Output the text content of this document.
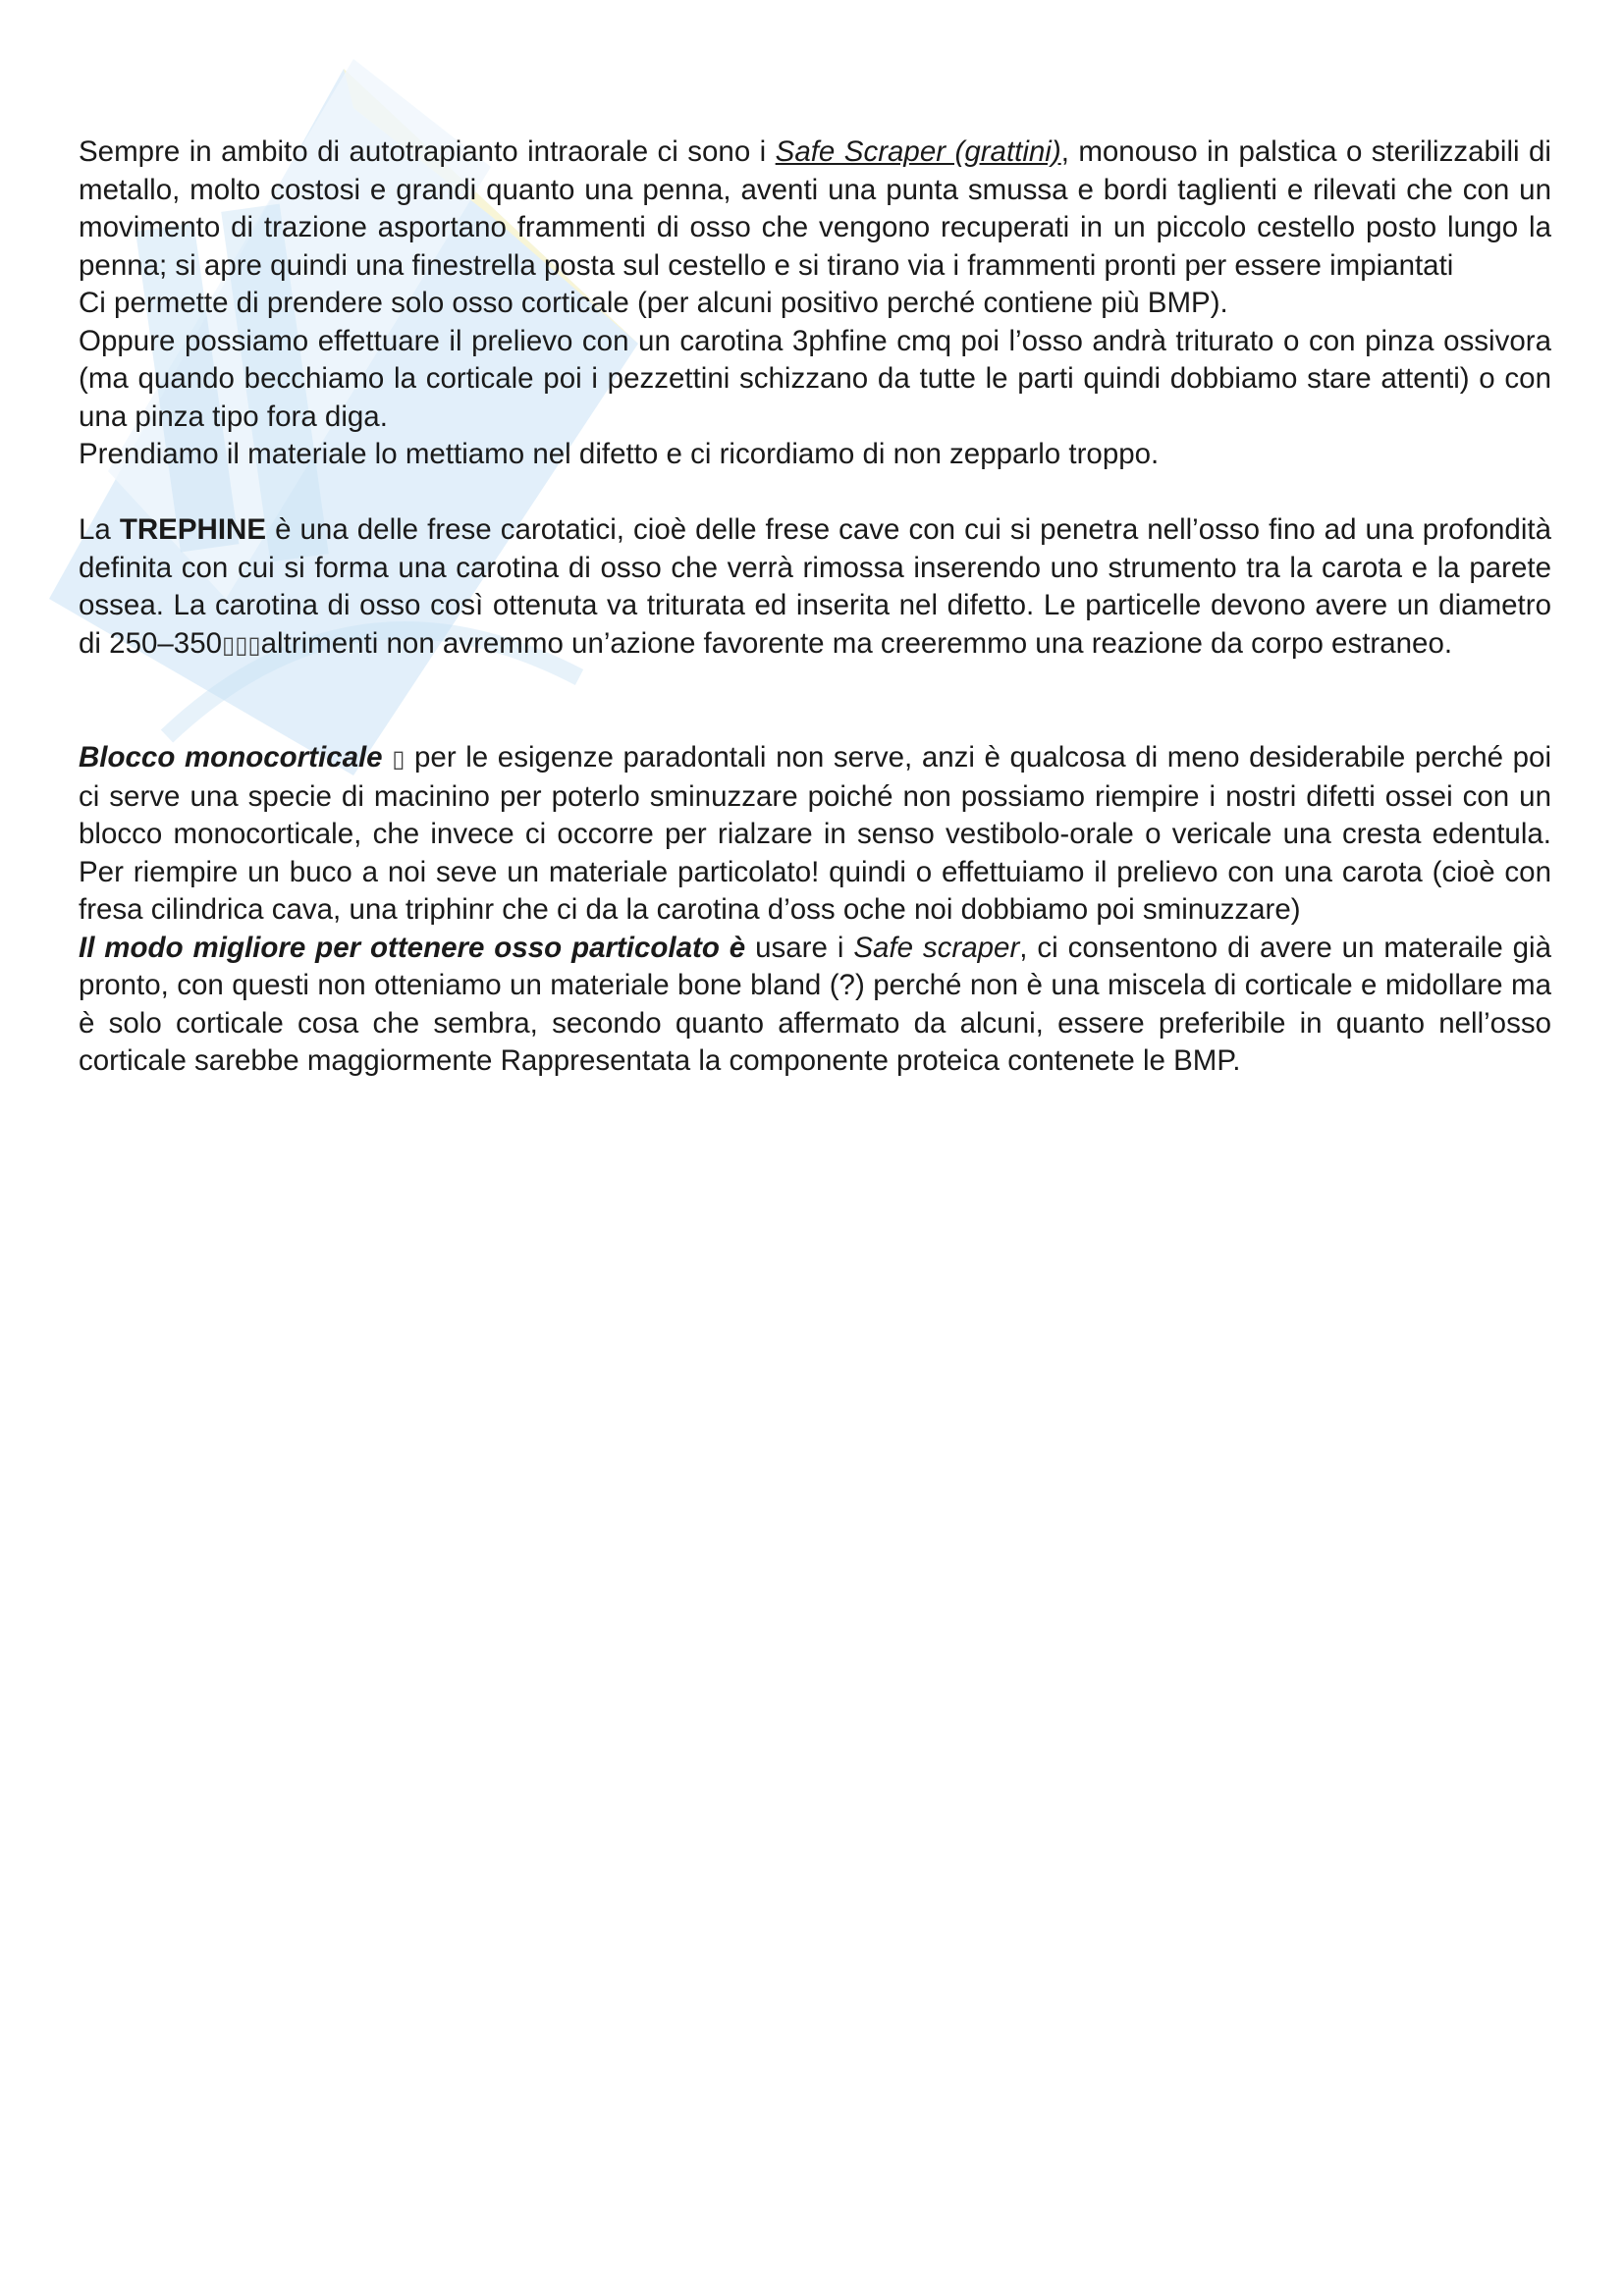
Sempre in ambito di autotrapianto intraorale ci sono i Safe Scraper (grattini), monouso in palstica o sterilizzabili di metallo, molto costosi e grandi quanto una penna, aventi una punta smussa e bordi taglienti e rilevati che con un movimento di trazione asportano frammenti di osso che vengono recuperati in un piccolo cestello posto lungo la penna; si apre quindi una finestrella posta sul cestello e si tirano via i frammenti pronti per essere impiantati

Ci permette di prendere solo osso corticale (per alcuni positivo perché contiene più BMP).

Oppure possiamo effettuare il prelievo con un carotina 3phfine cmq poi l’osso andrà triturato o con pinza ossivora (ma quando becchiamo la corticale poi i pezzettini schizzano da tutte le parti quindi dobbiamo stare attenti) o con una pinza tipo fora diga.

Prendiamo il materiale lo mettiamo nel difetto e ci ricordiamo di non zepparlo troppo.

La TREPHINE è una delle frese carotatici, cioè delle frese cave con cui si penetra nell’osso fino ad una profondità definita con cui si forma una carotina di osso che verrà rimossa inserendo uno strumento tra la carota e la parete ossea. La carotina di osso così ottenuta va triturata ed inserita nel difetto. Le particelle devono avere un diametro di 250–350▯▯▯altrimenti non avremmo un’azione favorente ma creeremmo una reazione da corpo estraneo.

Blocco monocorticale ▯ per le esigenze paradontali non serve, anzi è qualcosa di meno desiderabile perché poi ci serve una specie di macinino per poterlo sminuzzare poiché non possiamo riempire i nostri difetti ossei con un blocco monocorticale, che invece ci occorre per rialzare in senso vestibolo-orale o vericale una cresta edentula. Per riempire un buco a noi seve un materiale particolato! quindi o effettuiamo il prelievo con una carota (cioè con fresa cilindrica cava, una triphinr che ci da la carotina d’oss oche noi dobbiamo poi sminuzzare)

Il modo migliore per ottenere osso particolato è usare i Safe scraper, ci consentono di avere un materaile già pronto, con questi non otteniamo un materiale bone bland (?) perché non è una miscela di corticale e midollare ma è solo corticale cosa che sembra, secondo quanto affermato da alcuni, essere preferibile in quanto nell’osso corticale sarebbe maggiormente Rappresentata la componente proteica contenete le BMP.
